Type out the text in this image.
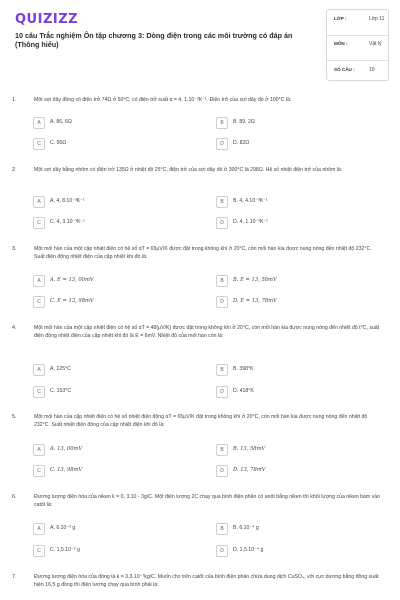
QUIZIZZ
10 câu Trắc nghiệm Ôn tập chương 3: Dòng điện trong các môi trường có đáp án (Thông hiểu)
LỚP :	Lớp 11
MÔN :	Vật lý
SỐ CÂU :	10
1.	Một sợi dây đồng có điện trở 74Ω ở 50°C; có điện trở suất α = 4, 1.10⁻³K⁻¹. Điện trở của sợi dây đó ở 100°C là:
A	A. 86, 6Ω	B	B. 89, 2Ω
C	C. 95Ω	D	D. 82Ω
2.	Một sợi dây bằng nhôm có điện trở 135Ω ở nhiệt độ 25°C, điện trở của sợi dây đó ở 300°C là 298Ω. Hệ số nhiệt điện trở của nhôm là:
A	A. 4, 8.10⁻³K⁻¹	B	B. 4, 4.10⁻³K⁻¹
C	C. 4, 3.10⁻³K⁻¹	D	D. 4, 1.10⁻³K⁻¹
3.	Một mối hàn của một cặp nhiệt điện có hệ số αT = 65μV/K được đặt trong không khí ở 20°C, còn mối hàn kia được nung nóng đến nhiệt độ 232°C. Suất điện động nhiệt điện của cặp nhiệt khi đó là:
A	A. E = 13, 00mV	B	B. E = 13, 58mV
C	C. E = 13, 98mV	D	D. E = 13, 78mV
4.	Một mối hàn của một cặp nhiệt điện có hệ số αT = 48(μV/K) được đặt trong không khí ở 20°C, còn mối hàn kia được nung nóng đến nhiệt độ t°C, suất điện động nhiệt điện của cặp nhiệt khi đó là E = 6mV. Nhiệt độ của mối hàn còn là:
A	A. 125°C	B	B. 398°K
C	C. 153°C	D	D. 418°K
5.	Một mối hàn của cặp nhiệt điện có hệ số nhiệt điện động αT = 65μV/K đặt trong không khí ở 20°C, còn mối hàn kia được nung nóng đến nhiệt độ 232°C. Suất nhiệt điện động của cặp nhiệt điện khi đó là:
A	A. 13, 00mV	B	B. 13, 58mV
C	C. 13, 98mV	D	D. 13, 78mV
6.	Đương lượng điện hóa của niken k = 0, 3.10 - 3g/C. Một điện lượng 2C chạy qua bình điện phân có anôt bằng niken thì khối lượng của niken bám vào catốt là:
A	A. 6.10⁻³ g	B	B. 6.10⁻⁴ g
C	C. 1,5.10⁻³ g	D	D. 1,5.10⁻⁴ g
7.	Đương lượng điện hóa của đồng là k = 3,3.10⁻⁷kg/C. Muốn cho trên catốt của bình điện phân chứa dung dịch CuSO₄, với cực dương bằng đồng xuất hiện 16,5 g đồng thì điện lượng chạy qua bình phải là:
